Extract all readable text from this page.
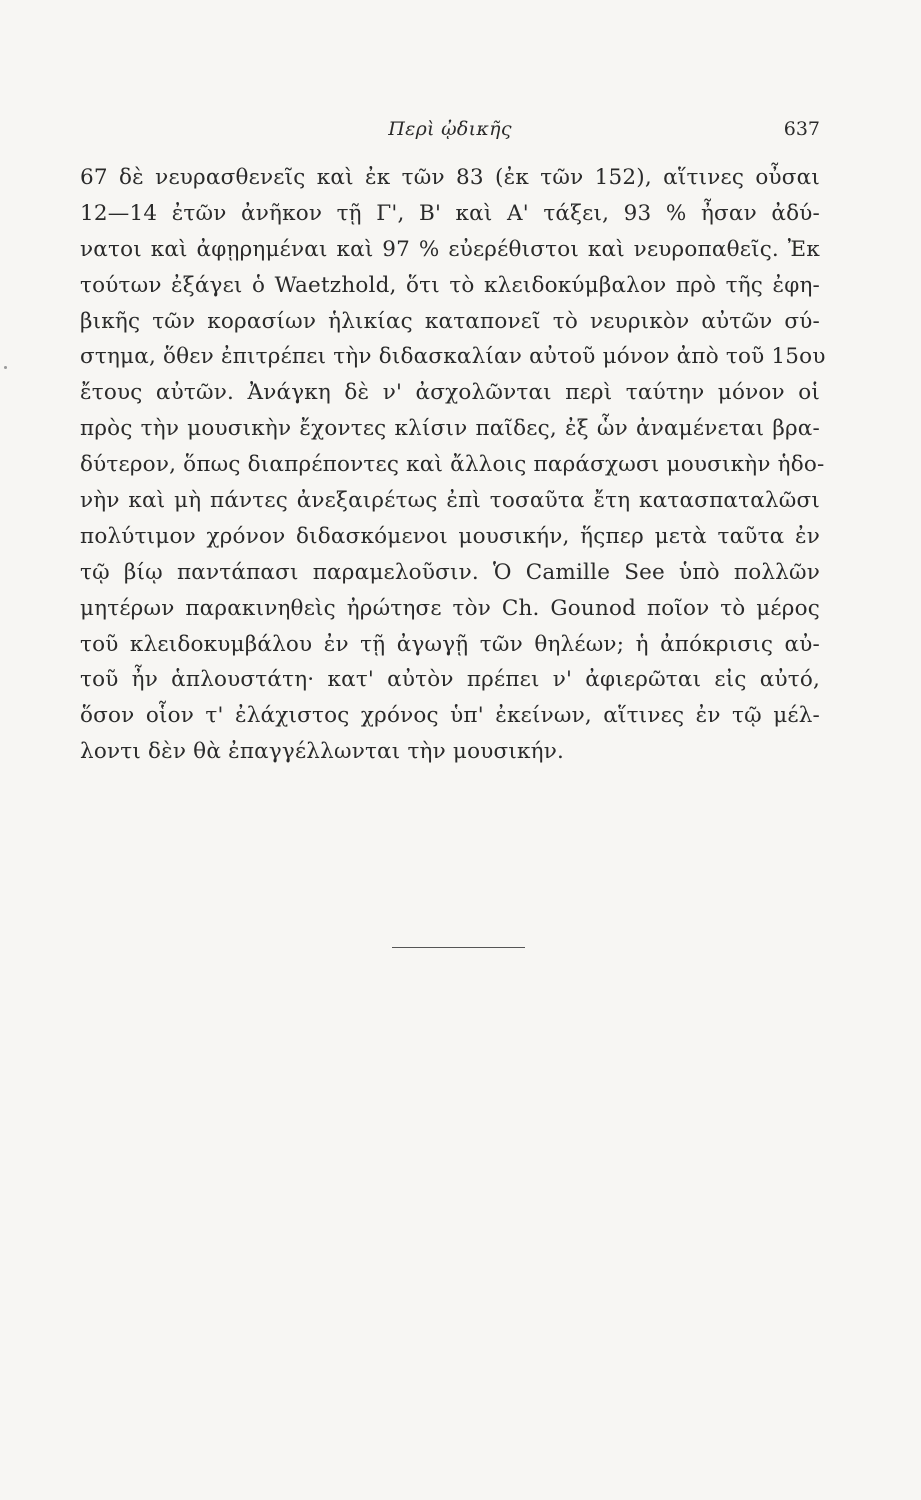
Περὶ ᾠδικῆς	637
67 δὲ νευρασθενεῖς καὶ ἐκ τῶν 83 (ἐκ τῶν 152), αἵτινες οὖσαι
12—14 ἐτῶν ἀνῆκον τῇ Γ', Β' καὶ Α' τάξει, 93 % ἦσαν ἀδύ-
νατοι καὶ ἀφῃρημέναι καὶ 97 % εὐερέθιστοι καὶ νευροπαθεῖς. Ἐκ
τούτων ἐξάγει ὁ Waetzhold, ὅτι τὸ κλειδοκύμβαλον πρὸ τῆς ἐφη-
βικῆς τῶν κορασίων ἡλικίας καταπονεῖ τὸ νευρικὸν αὐτῶν σύ-
στημα, ὅθεν ἐπιτρέπει τὴν διδασκαλίαν αὐτοῦ μόνον ἀπὸ τοῦ 15ου
ἔτους αὐτῶν. Ἀνάγκη δὲ ν' ἀσχολῶνται περὶ ταύτην μόνον οἱ
πρὸς τὴν μουσικὴν ἔχοντες κλίσιν παῖδες, ἐξ ὧν ἀναμένεται βρα-
δύτερον, ὅπως διαπρέποντες καὶ ἄλλοις παράσχωσι μουσικὴν ἡδο-
νὴν καὶ μὴ πάντες ἀνεξαιρέτως ἐπὶ τοσαῦτα ἔτη κατασπαταλῶσι
πολύτιμον χρόνον διδασκόμενοι μουσικήν, ἥςπερ μετὰ ταῦτα ἐν
τῷ βίῳ παντάπασι παραμελοῦσιν. Ὁ Camille See ὑπὸ πολλῶν
μητέρων παρακινηθεὶς ἠρώτησε τὸν Ch. Gounod ποῖον τὸ μέρος
τοῦ κλειδοκυμβάλου ἐν τῇ ἀγωγῇ τῶν θηλέων; ἡ ἀπόκρισις αὐ-
τοῦ ἦν ἁπλουστάτη· κατ' αὐτὸν πρέπει ν' ἀφιερῶται εἰς αὐτό,
ὅσον οἷον τ' ἐλάχιστος χρόνος ὑπ' ἐκείνων, αἵτινες ἐν τῷ μέλ-
λοντι δὲν θὰ ἐπαγγέλλωνται τὴν μουσικήν.
